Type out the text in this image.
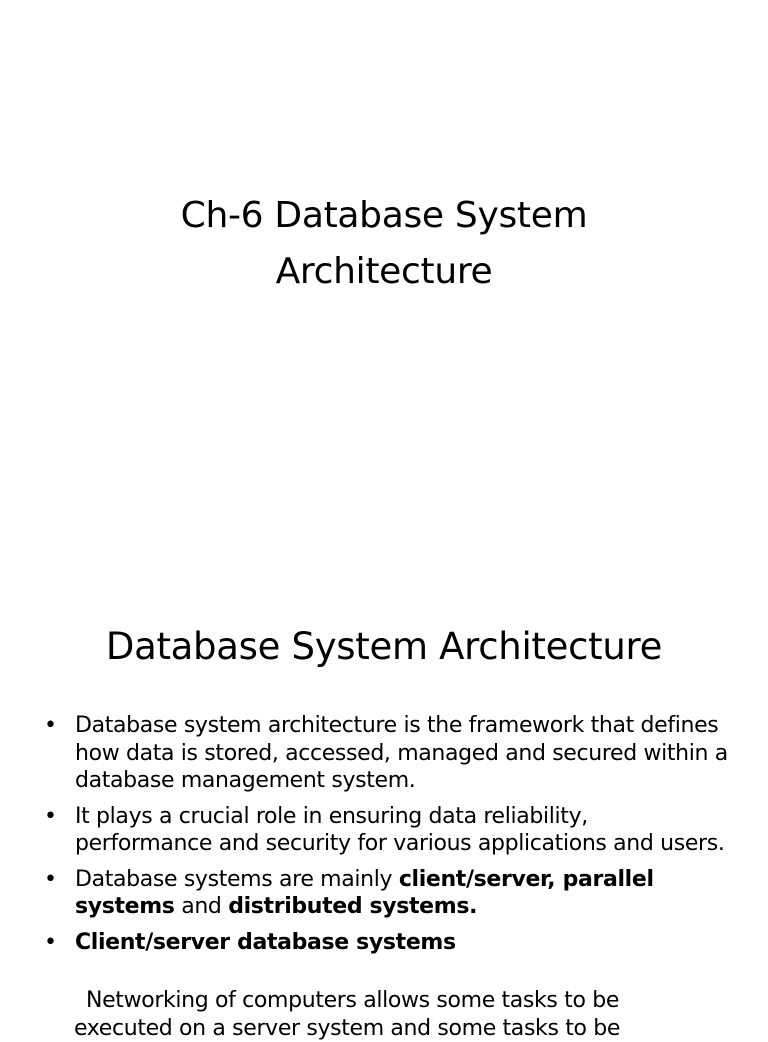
Ch-6 Database System
Architecture
Database System Architecture
• Database system architecture is the framework that defines how data is stored, accessed, managed and secured within a database management system.
• It plays a crucial role in ensuring data reliability, performance and security for various applications and users.
• Database systems are mainly client/server, parallel systems and distributed systems.
• Client/server database systems
Networking of computers allows some tasks to be
executed on a server system and some tasks to be
